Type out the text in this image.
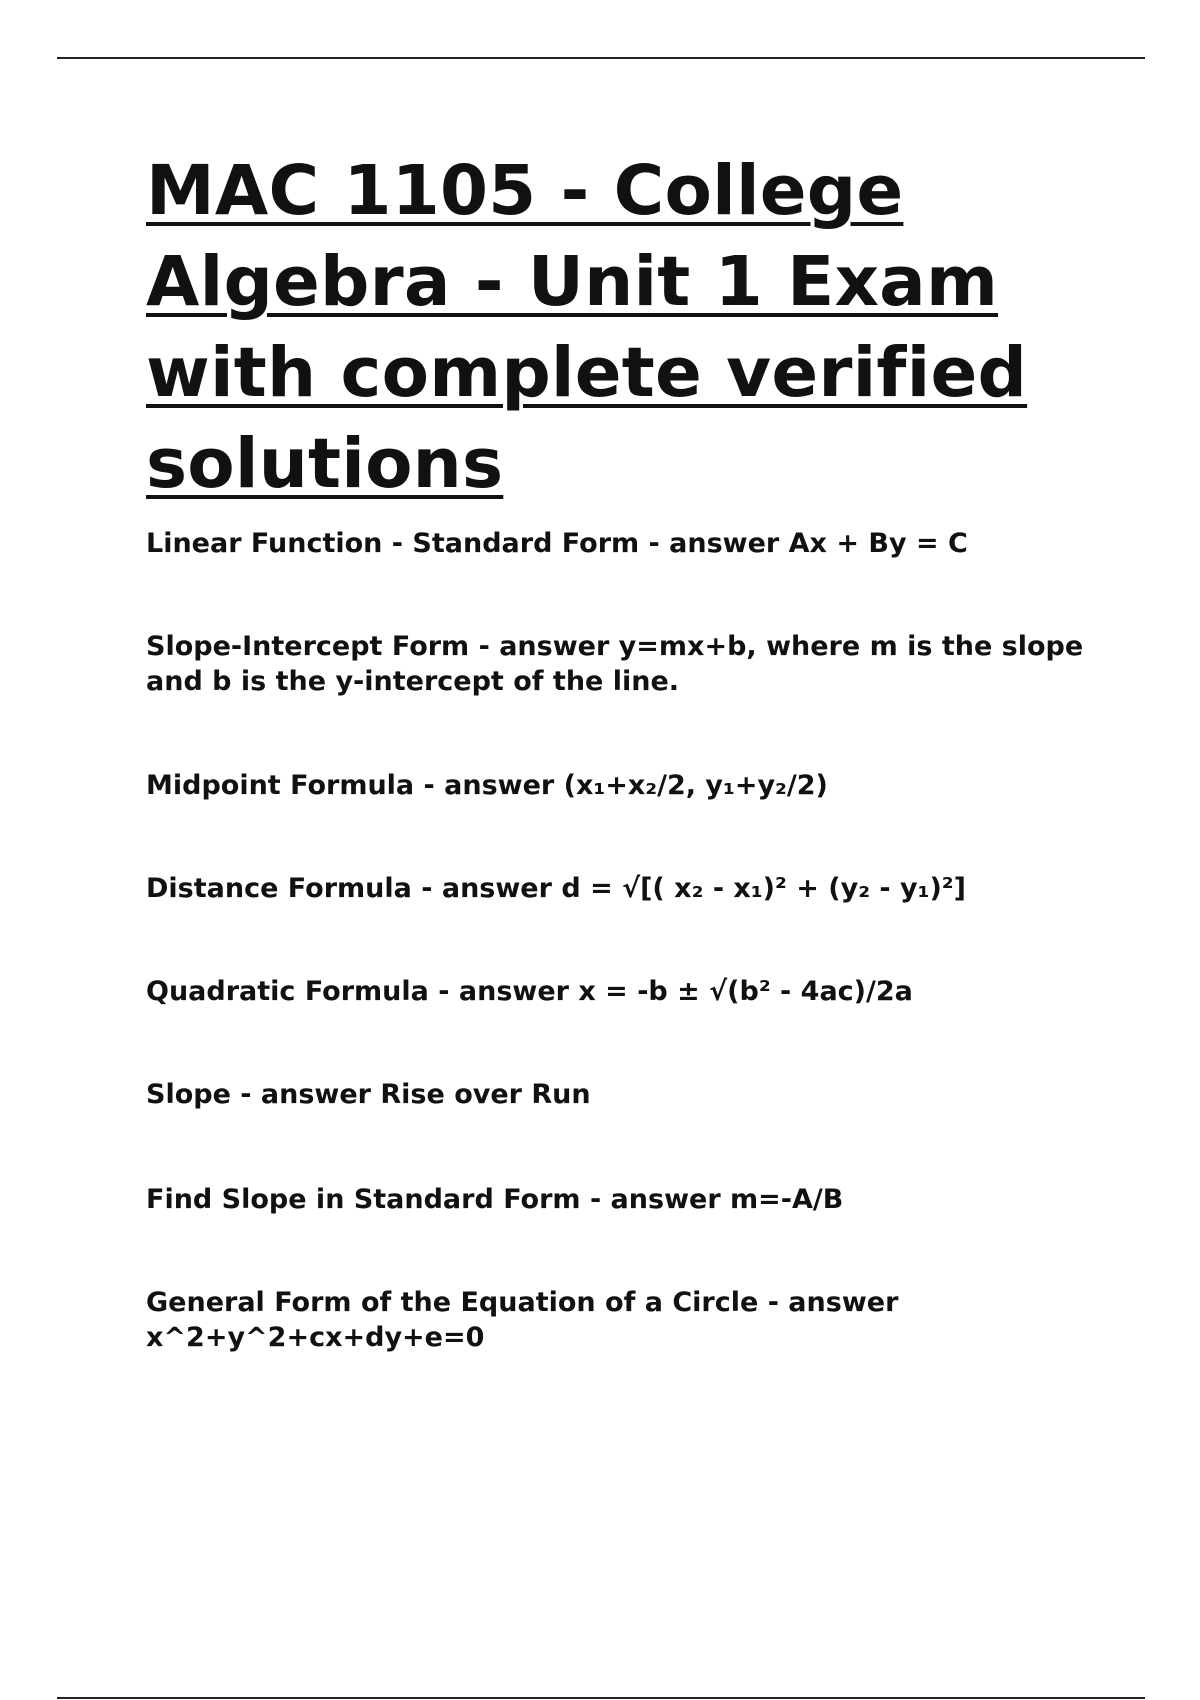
MAC 1105 - College Algebra - Unit 1 Exam with complete verified solutions
Linear Function - Standard Form - answer Ax + By = C
Slope-Intercept Form - answer y=mx+b, where m is the slope and b is the y-intercept of the line.
Midpoint Formula - answer (x₁+x₂/2, y₁+y₂/2)
Distance Formula - answer d = √[( x₂ - x₁)² + (y₂ - y₁)²]
Quadratic Formula - answer x = -b ± √(b² - 4ac)/2a
Slope - answer Rise over Run
Find Slope in Standard Form - answer m=-A/B
General Form of the Equation of a Circle - answer x^2+y^2+cx+dy+e=0
